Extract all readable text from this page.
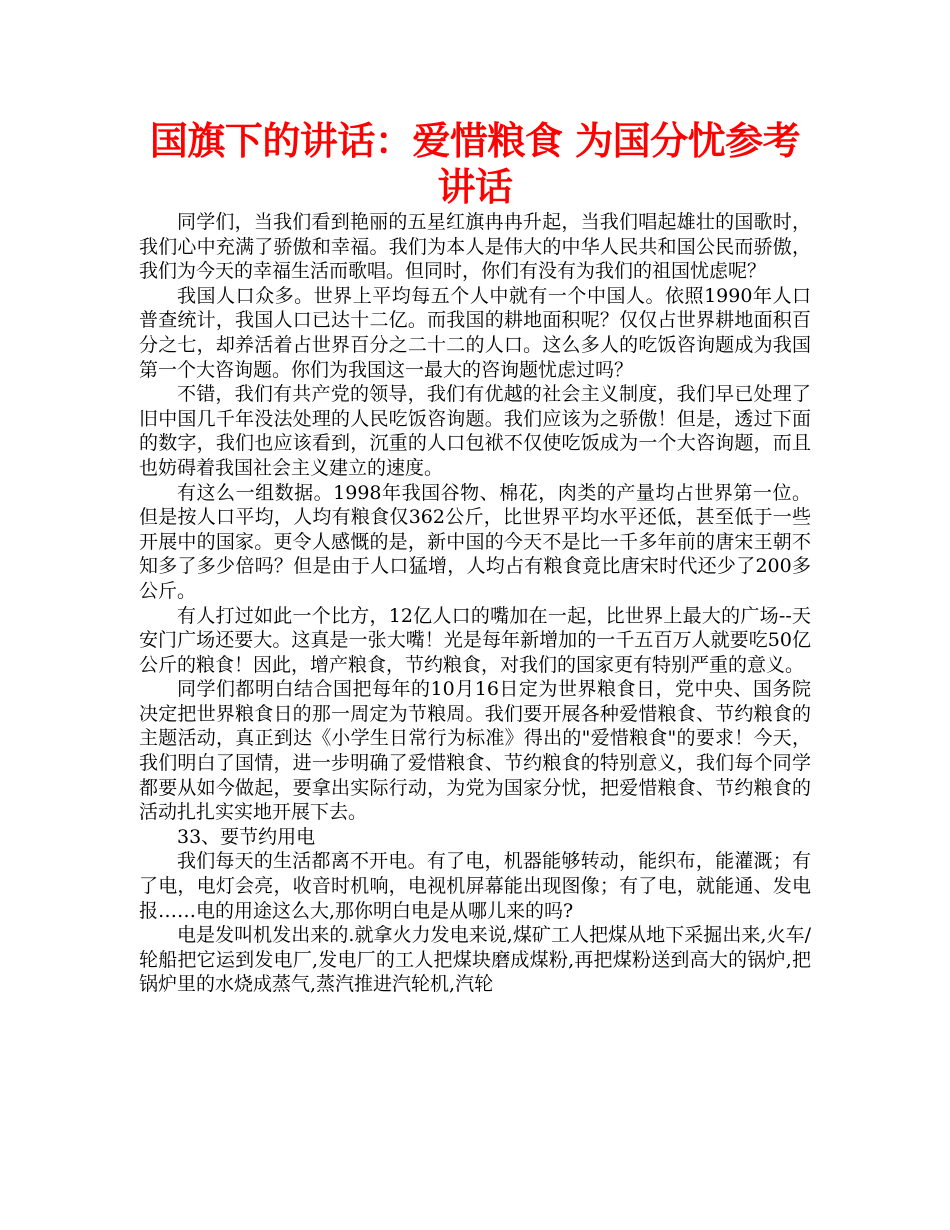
国旗下的讲话：爱惜粮食 为国分忧参考讲话

同学们，当我们看到艳丽的五星红旗冉冉升起，当我们唱起雄壮的国歌时，我们心中充满了骄傲和幸福。我们为本人是伟大的中华人民共和国公民而骄傲，我们为今天的幸福生活而歌唱。但同时，你们有没有为我们的祖国忧虑呢？

我国人口众多。世界上平均每五个人中就有一个中国人。依照1990年人口普查统计，我国人口已达十二亿。而我国的耕地面积呢？仅仅占世界耕地面积百分之七，却养活着占世界百分之二十二的人口。这么多人的吃饭咨询题成为我国第一个大咨询题。你们为我国这一最大的咨询题忧虑过吗？

不错，我们有共产党的领导，我们有优越的社会主义制度，我们早已处理了旧中国几千年没法处理的人民吃饭咨询题。我们应该为之骄傲！但是，透过下面的数字，我们也应该看到，沉重的人口包袱不仅使吃饭成为一个大咨询题，而且也妨碍着我国社会主义建立的速度。

有这么一组数据。1998年我国谷物、棉花，肉类的产量均占世界第一位。但是按人口平均，人均有粮食仅362公斤，比世界平均水平还低，甚至低于一些开展中的国家。更令人感慨的是，新中国的今天不是比一千多年前的唐宋王朝不知多了多少倍吗？但是由于人口猛增，人均占有粮食竟比唐宋时代还少了200多公斤。

有人打过如此一个比方，12亿人口的嘴加在一起，比世界上最大的广场--天安门广场还要大。这真是一张大嘴！光是每年新增加的一千五百万人就要吃50亿公斤的粮食！因此，增产粮食，节约粮食，对我们的国家更有特别严重的意义。

同学们都明白结合国把每年的10月16日定为世界粮食日，党中央、国务院决定把世界粮食日的那一周定为节粮周。我们要开展各种爱惜粮食、节约粮食的主题活动，真正到达《小学生日常行为标准》得出的"爱惜粮食"的要求！今天，我们明白了国情，进一步明确了爱惜粮食、节约粮食的特别意义，我们每个同学都要从如今做起，要拿出实际行动，为党为国家分忧，把爱惜粮食、节约粮食的活动扎扎实实地开展下去。

33、要节约用电

我们每天的生活都离不开电。有了电，机器能够转动，能织布，能灌溉；有了电，电灯会亮，收音时机响，电视机屏幕能出现图像；有了电，就能通、发电报……电的用途这么大,那你明白电是从哪儿来的吗?

电是发叫机发出来的.就拿火力发电来说,煤矿工人把煤从地下采掘出来,火车/轮船把它运到发电厂,发电厂的工人把煤块磨成煤粉,再把煤粉送到高大的锅炉,把锅炉里的水烧成蒸气,蒸汽推进汽轮机,汽轮
